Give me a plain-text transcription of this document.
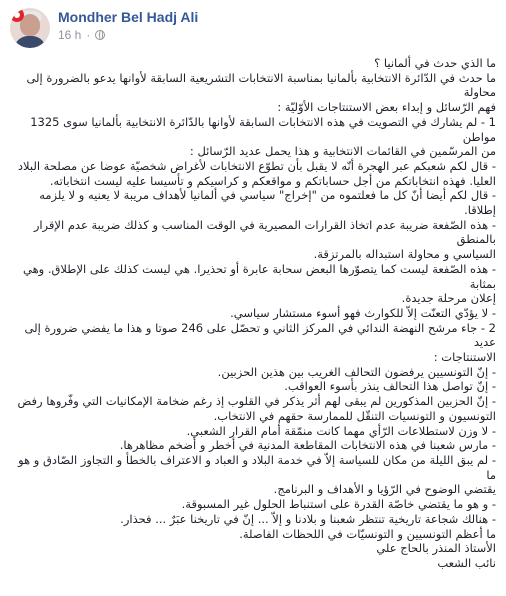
Mondher Bel Hadj Ali
16 h ·

ما الذي حدث في ألمانيا ؟

ما حدث في الدّائرة الانتخابية بألمانيا بمناسبة الانتخابات التشريعية السابقة لأوانها يدعو بالضرورة إلى محاولة

فهم الرّسائل و إبداء بعض الاستنتاجات الأوّليّة :

1 - لم يشارك في التصويت في هذه الانتخابات السابقة لأوانها بالدّائرة الانتخابية بألمانيا سوى 1325 مواطن

من المرسّمين في القائمات الانتخابية و هذا يحمل عديد الرّسائل :

- قال لكم شعبكم عبر الهجرة أنّه لا يقبل بأن تطوّع الانتخابات لأغراض شخصيّة عوضا عن مصلحة البلاد

العليا. فهذه انتخاباتكم من أجل حساباتكم و مواقعكم و كراسيكم و تأسيسا عليه ليست انتخاباته.

- قال لكم أيضا أنّ كل ما فعلتموه من "إخراج" سياسي في ألمانيا لأهداف مريبة لا يعنيه و لا يلزمه إطلاقا.

- هذه الصّفعة ضريبة عدم اتخاذ القرارات المصيرية في الوقت المناسب و كذلك ضريبة عدم الإقرار بالمنطق

السياسي و محاولة استبداله بالمرتزقة.

- هذه الصّفعة ليست كما يتصوّرها البعض سحابة عابرة أو تحذيرا. هي ليست كذلك على الإطلاق. وهي بمثابة

إعلان مرحلة جديدة.

- لا يؤدّي التعنّت إلاّ للكوارث فهو أسوء مستشار سياسي.

2 - جاء مرشح النهضة الندائي في المركز الثاني و تحصّل على 246 صوتا و هذا ما يفضي ضرورة إلى عديد

الاستنتاجات :

- إنّ التونسيين يرفضون التحالف الغريب بين هذين الحزبين.

- إنّ تواصل هذا التحالف ينذر بأسوء العواقب.

- إنّ الحزبين المذكورين لم يبقى لهم أثر يذكر في القلوب إذ رغم ضخامة الإمكانيات التي وفّروها رفض

التونسيون و التونسيات التنقّل للممارسة حقهم في الانتخاب.

- لا وزن لاستطلاعات الرّأي مهما كانت منمّقة أمام القرار الشعبي.

- مارس شعبنا في هذه الانتخابات المقاطعة المدنية في أخطر و أضخم مظاهرها.

- لم يبق الليلة من مكان للسياسة إلاّ في خدمة البلاد و العباد و الاعتراف بالخطأ و التجاوز الصّادق و هو ما

يقتضي الوضوح في الرّؤيا و الأهداف و البرنامج.

- و هو ما يقتضي خاصّة القدرة على استنباط الحلول غير المسبوقة.

- هنالك شجاعة تاريخية تنتظر شعبنا و بلادنا و إلاّ ... إنّ في تاريخنا عبَرٌ ... فحذار.

ما أعظم التونسيين و التونسيّات في اللحظات الفاصلة.

الأستاذ المنذر بالحاج علي

نائب الشعب
